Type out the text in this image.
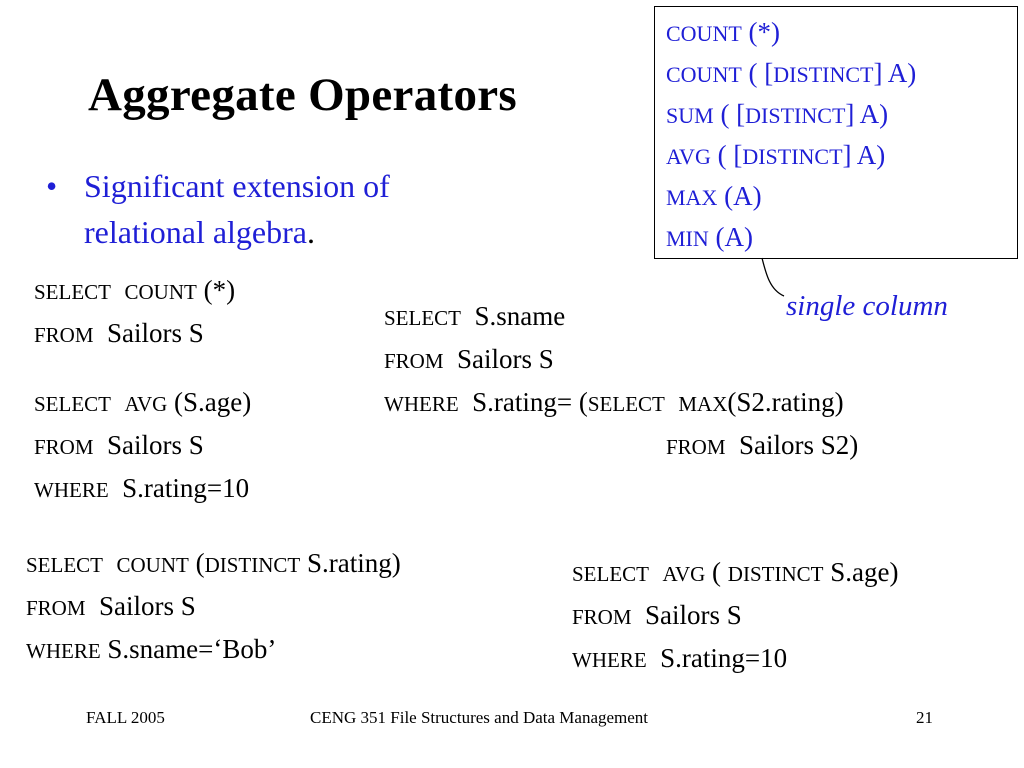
Aggregate Operators
• Significant extension of
relational algebra.
COUNT (*)
COUNT ( [DISTINCT] A)
SUM ( [DISTINCT] A)
AVG ( [DISTINCT] A)
MAX (A)
MIN (A)
single column
SELECT COUNT (*)
FROM Sailors S
SELECT AVG (S.age)
FROM Sailors S
WHERE S.rating=10
SELECT S.sname
FROM Sailors S
WHERE S.rating= (SELECT MAX(S2.rating)
FROM Sailors S2)
SELECT COUNT (DISTINCT S.rating)
FROM Sailors S
WHERE S.sname=‘Bob’
SELECT AVG ( DISTINCT S.age)
FROM Sailors S
WHERE S.rating=10
FALL 2005	CENG 351 File Structures and Data Management	21
